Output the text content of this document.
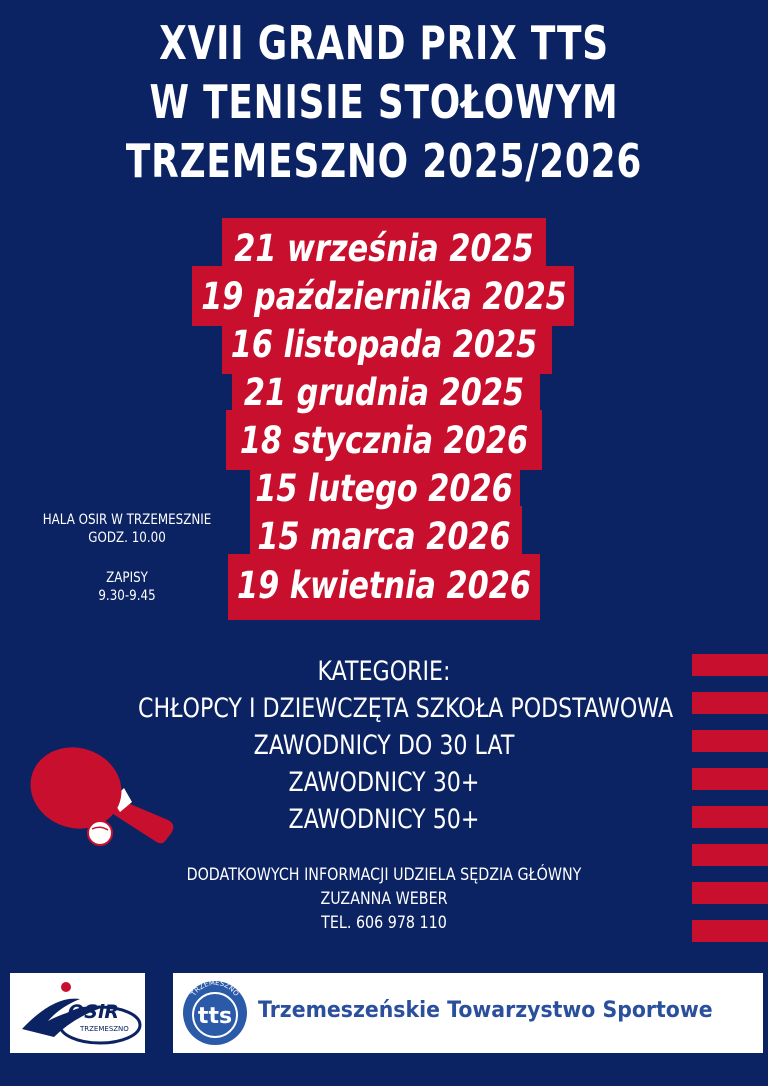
XVII GRAND PRIX TTS
W TENISIE STOŁOWYM
TRZEMESZNO 2025/2026
21 września 2025
19 października 2025
16 listopada 2025
21 grudnia 2025
18 stycznia 2026
15 lutego 2026
15 marca 2026
19 kwietnia 2026
HALA OSIR W TRZEMESZNIE
GODZ. 10.00
ZAPISY
9.30-9.45
KATEGORIE:
CHŁOPCY I DZIEWCZĘTA SZKOŁA PODSTAWOWA
ZAWODNICY DO 30 LAT
ZAWODNICY 30+
ZAWODNICY 50+
DODATKOWYCH INFORMACJI UDZIELA SĘDZIA GŁÓWNY
ZUZANNA WEBER
TEL. 606 978 110
OSiR
TRZEMESZNO
TRZEMESZNO
tts Trzemeszeńskie Towarzystwo Sportowe
